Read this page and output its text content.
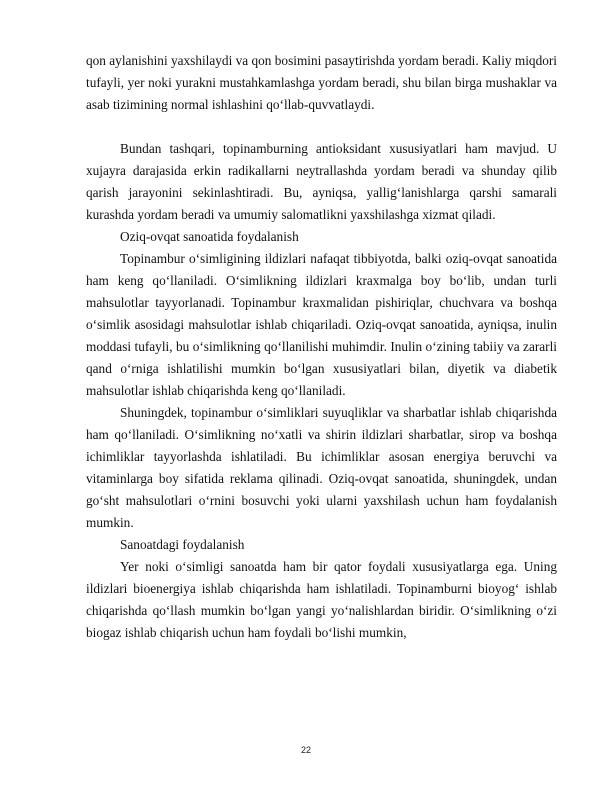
qon aylanishini yaxshilaydi va qon bosimini pasaytirishda yordam beradi. Kaliy miqdori tufayli, yer noki yurakni mustahkamlashga yordam beradi, shu bilan birga mushaklar va asab tizimining normal ishlashini qo‘llab-quvvatlaydi.

Bundan tashqari, topinamburning antioksidant xususiyatlari ham mavjud. U xujayra darajasida erkin radikallarni neytrallashda yordam beradi va shunday qilib qarish jarayonini sekinlashtiradi. Bu, ayniqsa, yallig‘lanishlarga qarshi samarali kurashda yordam beradi va umumiy salomatlikni yaxshilashga xizmat qiladi.

Oziq-ovqat sanoatida foydalanish

Topinambur o‘simligining ildizlari nafaqat tibbiyotda, balki oziq-ovqat sanoatida ham keng qo‘llaniladi. O‘simlikning ildizlari kraxmalga boy bo‘lib, undan turli mahsulotlar tayyorlanadi. Topinambur kraxmalidan pishiriqlar, chuchvara va boshqa o‘simlik asosidagi mahsulotlar ishlab chiqariladi. Oziq-ovqat sanoatida, ayniqsa, inulin moddasi tufayli, bu o‘simlikning qo‘llanilishi muhimdir. Inulin o‘zining tabiiy va zararli qand o‘rniga ishlatilishi mumkin bo‘lgan xususiyatlari bilan, diyetik va diabetik mahsulotlar ishlab chiqarishda keng qo‘llaniladi.

Shuningdek, topinambur o‘simliklari suyuqliklar va sharbatlar ishlab chiqarishda ham qo‘llaniladi. O‘simlikning no‘xatli va shirin ildizlari sharbatlar, sirop va boshqa ichimliklar tayyorlashda ishlatiladi. Bu ichimliklar asosan energiya beruvchi va vitaminlarga boy sifatida reklama qilinadi. Oziq-ovqat sanoatida, shuningdek, undan go‘sht mahsulotlari o‘rnini bosuvchi yoki ularni yaxshilash uchun ham foydalanish mumkin.

Sanoatdagi foydalanish

Yer noki o‘simligi sanoatda ham bir qator foydali xususiyatlarga ega. Uning ildizlari bioenergiya ishlab chiqarishda ham ishlatiladi. Topinamburni bioyog‘ ishlab chiqarishda qo‘llash mumkin bo‘lgan yangi yo‘nalishlardan biridir. O‘simlikning o‘zi biogaz ishlab chiqarish uchun ham foydali bo‘lishi mumkin,

22
